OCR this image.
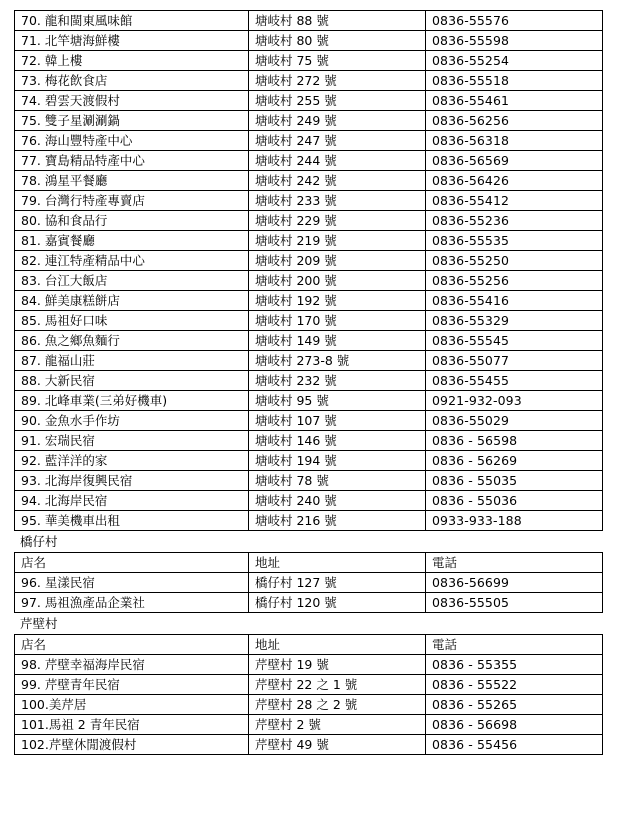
70. 龍和閩東風味館	塘岐村 88 號	0836-55576
71. 北竿塘海鮮樓	塘岐村 80 號	0836-55598
72. 韓上樓	塘岐村 75 號	0836-55254
73. 梅花飲食店	塘岐村 272 號	0836-55518
74. 碧雲天渡假村	塘岐村 255 號	0836-55461
75. 雙子星涮涮鍋	塘岐村 249 號	0836-56256
76. 海山豐特產中心	塘岐村 247 號	0836-56318
77. 寶島精品特產中心	塘岐村 244 號	0836-56569
78. 鴻星平餐廳	塘岐村 242 號	0836-56426
79. 台灣行特產專賣店	塘岐村 233 號	0836-55412
80. 協和食品行	塘岐村 229 號	0836-55236
81. 嘉賓餐廳	塘岐村 219 號	0836-55535
82. 連江特產精品中心	塘岐村 209 號	0836-55250
83. 台江大飯店	塘岐村 200 號	0836-55256
84. 鮮美康糕餅店	塘岐村 192 號	0836-55416
85. 馬祖好口味	塘岐村 170 號	0836-55329
86. 魚之鄉魚麵行	塘岐村 149 號	0836-55545
87. 龍福山莊	塘岐村 273-8 號	0836-55077
88. 大新民宿	塘岐村 232 號	0836-55455
89. 北峰車業(三弟好機車)	塘岐村 95 號	0921-932-093
90. 金魚水手作坊	塘岐村 107 號	0836-55029
91. 宏瑞民宿	塘岐村 146 號	0836 - 56598
92. 藍洋洋的家	塘岐村 194 號	0836 - 56269
93. 北海岸復興民宿	塘岐村 78 號	0836 - 55035
94. 北海岸民宿	塘岐村 240 號	0836 - 55036
95. 華美機車出租	塘岐村 216 號	0933-933-188
橋仔村
店名	地址	電話
96. 星漾民宿	橋仔村 127 號	0836-56699
97. 馬祖漁產品企業社	橋仔村 120 號	0836-55505
芹壁村
店名	地址	電話
98. 芹壁幸福海岸民宿	芹壁村 19 號	0836 - 55355
99. 芹壁青年民宿	芹壁村 22 之 1 號	0836 - 55522
100.美芹居	芹壁村 28 之 2 號	0836 - 55265
101.馬祖 2 青年民宿	芹壁村 2 號	0836 - 56698
102.芹壁休閒渡假村	芹壁村 49 號	0836 - 55456
